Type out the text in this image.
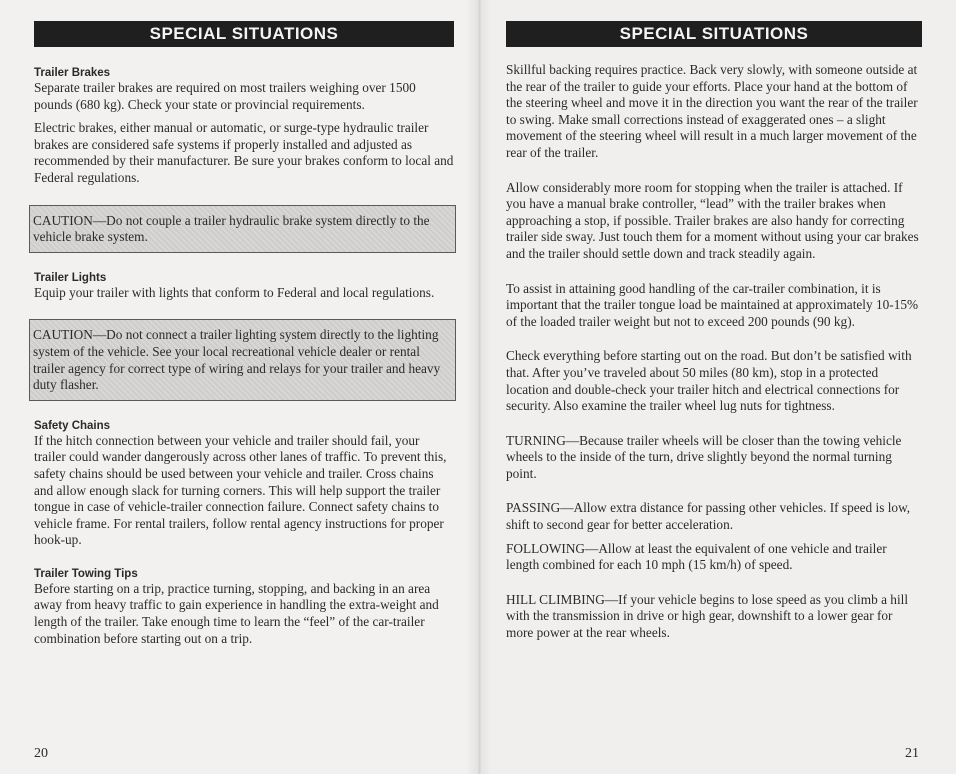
SPECIAL SITUATIONS

Trailer Brakes

Separate trailer brakes are required on most trailers weighing over 1500 pounds (680 kg). Check your state or provincial requirements.

Electric brakes, either manual or automatic, or surge-type hydraulic trailer brakes are considered safe systems if properly installed and adjusted as recommended by their manufacturer. Be sure your brakes conform to local and Federal regulations.

CAUTION—Do not couple a trailer hydraulic brake system directly to the vehicle brake system.

Trailer Lights

Equip your trailer with lights that conform to Federal and local regulations.

CAUTION—Do not connect a trailer lighting system directly to the lighting system of the vehicle. See your local recreational vehicle dealer or rental trailer agency for correct type of wiring and relays for your trailer and heavy duty flasher.

Safety Chains

If the hitch connection between your vehicle and trailer should fail, your trailer could wander dangerously across other lanes of traffic. To prevent this, safety chains should be used between your vehicle and trailer. Cross chains and allow enough slack for turning corners. This will help support the trailer tongue in case of vehicle-trailer connection failure. Connect safety chains to vehicle frame. For rental trailers, follow rental agency instructions for proper hook-up.

Trailer Towing Tips

Before starting on a trip, practice turning, stopping, and backing in an area away from heavy traffic to gain experience in handling the extra-weight and length of the trailer. Take enough time to learn the “feel” of the car-trailer combination before starting out on a trip.

20
SPECIAL SITUATIONS

Skillful backing requires practice. Back very slowly, with someone outside at the rear of the trailer to guide your efforts. Place your hand at the bottom of the steering wheel and move it in the direction you want the rear of the trailer to swing. Make small corrections instead of exaggerated ones – a slight movement of the steering wheel will result in a much larger movement of the rear of the trailer.

Allow considerably more room for stopping when the trailer is attached. If you have a manual brake controller, “lead” with the trailer brakes when approaching a stop, if possible. Trailer brakes are also handy for correcting trailer side sway. Just touch them for a moment without using your car brakes and the trailer should settle down and track steadily again.

To assist in attaining good handling of the car-trailer combination, it is important that the trailer tongue load be maintained at approximately 10-15% of the loaded trailer weight but not to exceed 200 pounds (90 kg).

Check everything before starting out on the road. But don’t be satisfied with that. After you’ve traveled about 50 miles (80 km), stop in a protected location and double-check your trailer hitch and electrical connections for security. Also examine the trailer wheel lug nuts for tightness.

TURNING—Because trailer wheels will be closer than the towing vehicle wheels to the inside of the turn, drive slightly beyond the normal turning point.

PASSING—Allow extra distance for passing other vehicles. If speed is low, shift to second gear for better acceleration.

FOLLOWING—Allow at least the equivalent of one vehicle and trailer length combined for each 10 mph (15 km/h) of speed.

HILL CLIMBING—If your vehicle begins to lose speed as you climb a hill with the transmission in drive or high gear, downshift to a lower gear for more power at the rear wheels.

21
